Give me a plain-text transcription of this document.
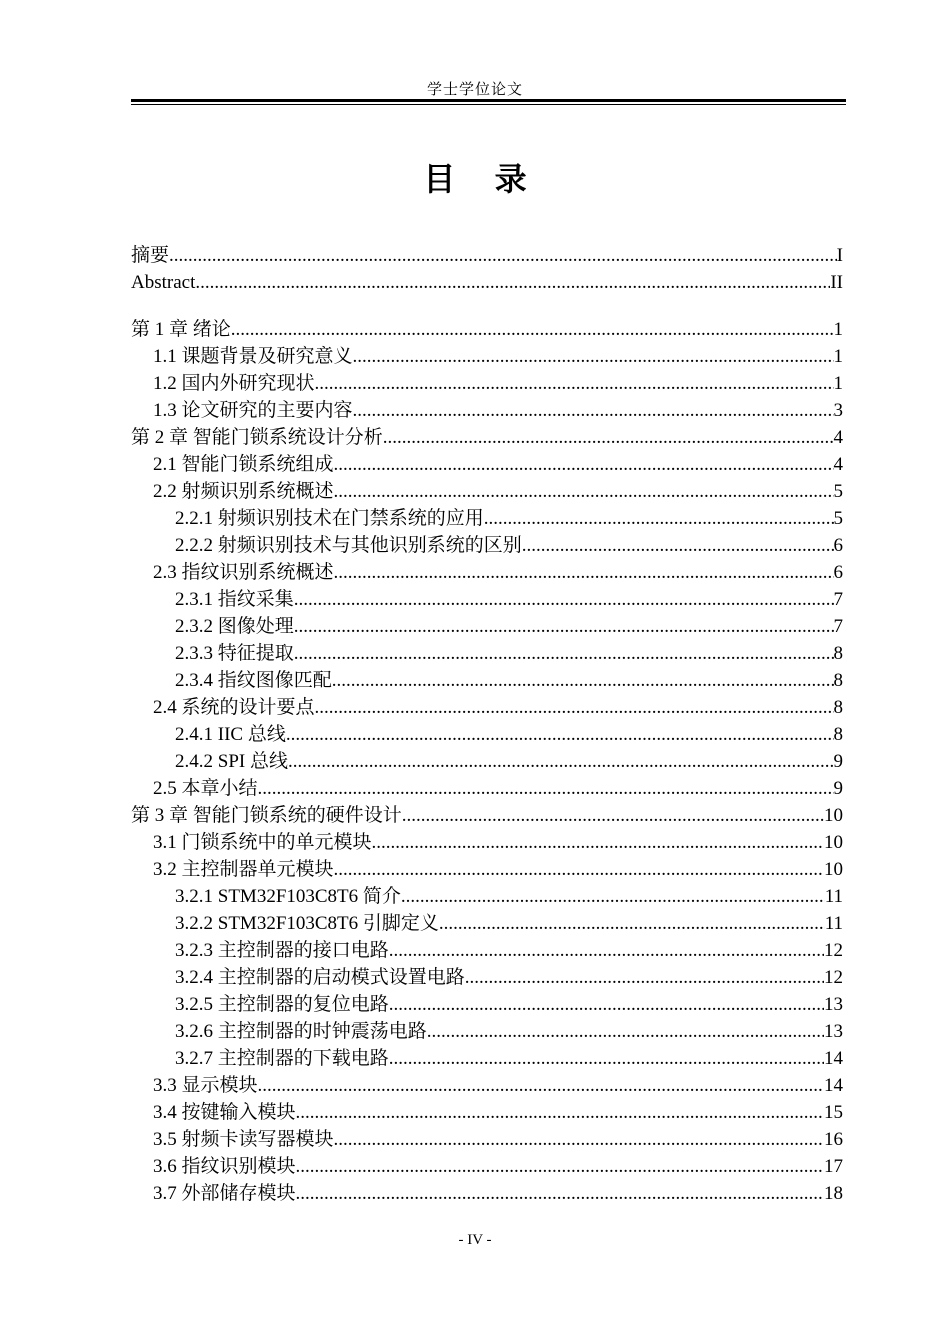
学士学位论文
目 录
摘要 .....	I
Abstract .....	II
第 1 章 绪论 .....	1
1.1 课题背景及研究意义 .....	1
1.2 国内外研究现状 .....	1
1.3 论文研究的主要内容 .....	3
第 2 章 智能门锁系统设计分析 .....	4
2.1 智能门锁系统组成 .....	4
2.2 射频识别系统概述 .....	5
2.2.1 射频识别技术在门禁系统的应用 .....	5
2.2.2 射频识别技术与其他识别系统的区别 .....	6
2.3 指纹识别系统概述 .....	6
2.3.1 指纹采集 .....	7
2.3.2 图像处理 .....	7
2.3.3 特征提取 .....	8
2.3.4 指纹图像匹配 .....	8
2.4 系统的设计要点 .....	8
2.4.1 IIC 总线 .....	8
2.4.2 SPI 总线 .....	9
2.5 本章小结 .....	9
第 3 章 智能门锁系统的硬件设计 .....	10
3.1 门锁系统中的单元模块 .....	10
3.2 主控制器单元模块 .....	10
3.2.1 STM32F103C8T6 简介 .....	11
3.2.2 STM32F103C8T6 引脚定义 .....	11
3.2.3 主控制器的接口电路 .....	12
3.2.4 主控制器的启动模式设置电路 .....	12
3.2.5 主控制器的复位电路 .....	13
3.2.6 主控制器的时钟震荡电路 .....	13
3.2.7 主控制器的下载电路 .....	14
3.3 显示模块 .....	14
3.4 按键输入模块 .....	15
3.5 射频卡读写器模块 .....	16
3.6 指纹识别模块 .....	17
3.7 外部储存模块 .....	18
- IV -
